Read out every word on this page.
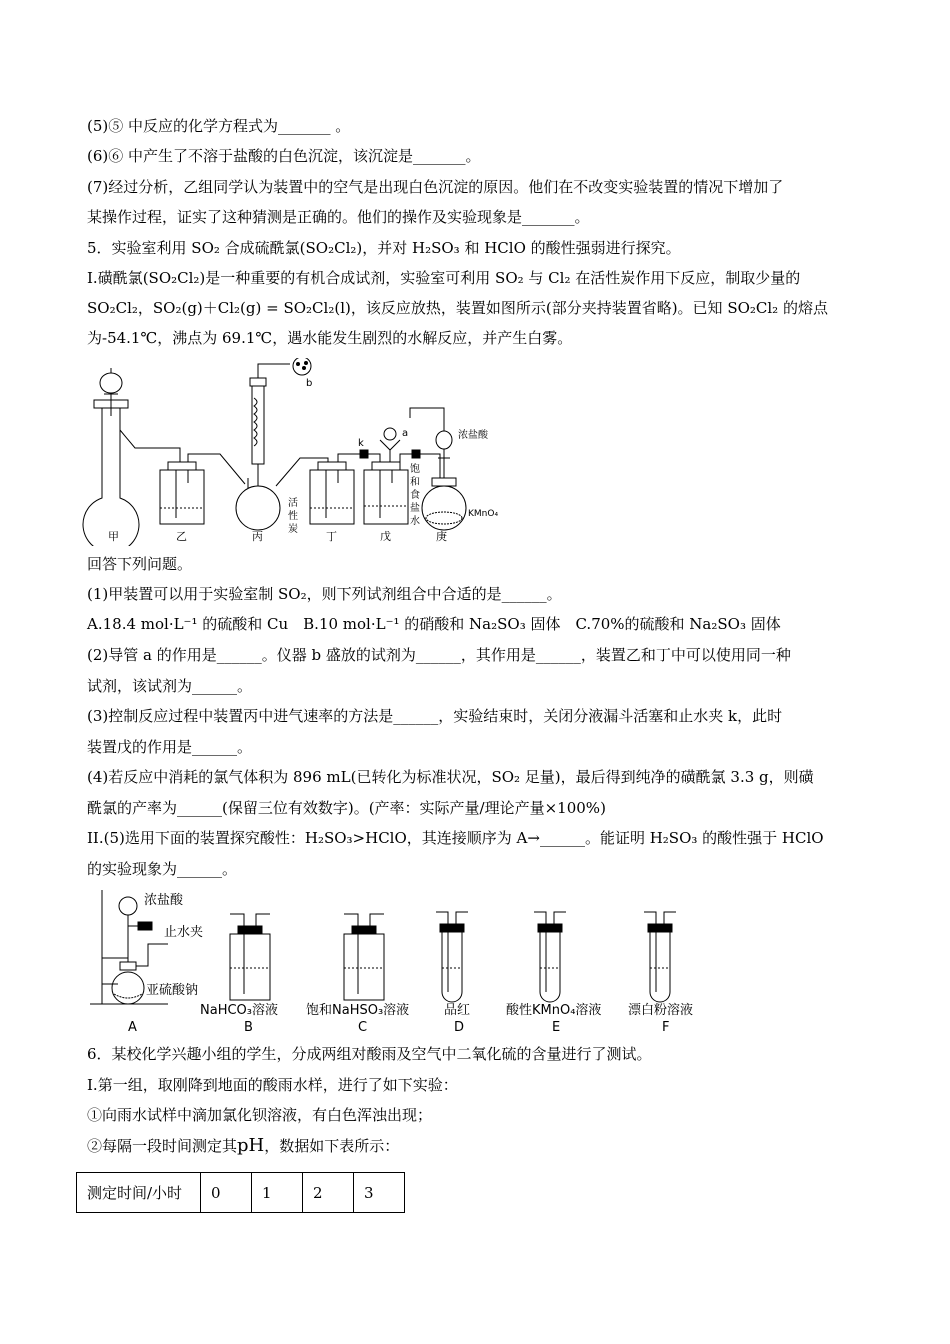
(5)⑤ 中反应的化学方程式为_______ 。
(6)⑥ 中产生了不溶于盐酸的白色沉淀，该沉淀是_______。
(7)经过分析，乙组同学认为装置中的空气是出现白色沉淀的原因。他们在不改变实验装置的情况下增加了
某操作过程，证实了这种猜测是正确的。他们的操作及实验现象是_______。
5．实验室利用 SO₂ 合成硫酰氯(SO₂Cl₂)，并对 H₂SO₃ 和 HClO 的酸性强弱进行探究。
I.磺酰氯(SO₂Cl₂)是一种重要的有机合成试剂，实验室可利用 SO₂ 与 Cl₂ 在活性炭作用下反应，制取少量的
SO₂Cl₂，SO₂(g)＋Cl₂(g) = SO₂Cl₂(l)，该反应放热，装置如图所示(部分夹持装置省略)。已知 SO₂Cl₂ 的熔点
为-54.1℃，沸点为 69.1℃，遇水能发生剧烈的水解反应，并产生白雾。
甲	乙	丙	丁	戊	庚
b
a
k
浓盐酸
KMnO₄
活
性
炭
饱
和
食
盐
水
回答下列问题。
(1)甲装置可以用于实验室制 SO₂，则下列试剂组合中合适的是______。
A.18.4 mol·L⁻¹ 的硫酸和 Cu　B.10 mol·L⁻¹ 的硝酸和 Na₂SO₃ 固体　C.70%的硫酸和 Na₂SO₃ 固体
(2)导管 a 的作用是______。仪器 b 盛放的试剂为______，其作用是______，装置乙和丁中可以使用同一种
试剂，该试剂为______。
(3)控制反应过程中装置丙中进气速率的方法是______，实验结束时，关闭分液漏斗活塞和止水夹 k，此时
装置戊的作用是______。
(4)若反应中消耗的氯气体积为 896 mL(已转化为标准状况，SO₂ 足量)，最后得到纯净的磺酰氯 3.3 g，则磺
酰氯的产率为______(保留三位有效数字)。(产率：实际产量/理论产量×100%)
II.(5)选用下面的装置探究酸性：H₂SO₃>HClO，其连接顺序为 A→______。能证明 H₂SO₃ 的酸性强于 HClO
的实验现象为______。
浓盐酸
止水夹
亚硫酸钠
NaHCO₃溶液 饱和NaHSO₃溶液	品红	酸性KMnO₄溶液 漂白粉溶液
A	B	C	D	E	F
6．某校化学兴趣小组的学生，分成两组对酸雨及空气中二氧化硫的含量进行了测试。
I.第一组，取刚降到地面的酸雨水样，进行了如下实验：
①向雨水试样中滴加氯化钡溶液，有白色浑浊出现；
②每隔一段时间测定其pH，数据如下表所示：
测定时间/小时	0	1	2	3
